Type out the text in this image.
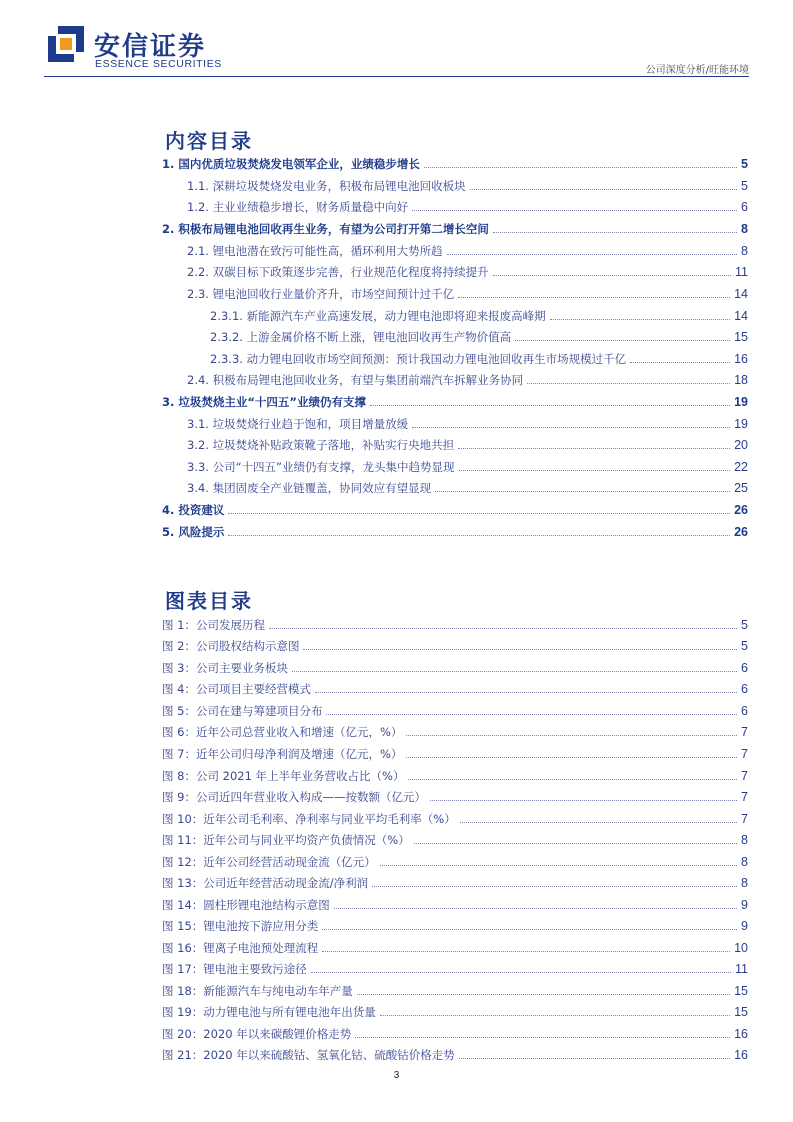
安信证券
ESSENCE SECURITIES
公司深度分析/旺能环境
内容目录
1. 国内优质垃圾焚烧发电领军企业，业绩稳步增长	5
1.1. 深耕垃圾焚烧发电业务，积极布局锂电池回收板块	5
1.2. 主业业绩稳步增长，财务质量稳中向好	6
2. 积极布局锂电池回收再生业务，有望为公司打开第二增长空间	8
2.1. 锂电池潜在致污可能性高，循环利用大势所趋	8
2.2. 双碳目标下政策逐步完善，行业规范化程度将持续提升	11
2.3. 锂电池回收行业量价齐升，市场空间预计过千亿	14
2.3.1. 新能源汽车产业高速发展，动力锂电池即将迎来报废高峰期	14
2.3.2. 上游金属价格不断上涨，锂电池回收再生产物价值高	15
2.3.3. 动力锂电回收市场空间预测：预计我国动力锂电池回收再生市场规模过千亿	16
2.4. 积极布局锂电池回收业务，有望与集团前端汽车拆解业务协同	18
3. 垃圾焚烧主业“十四五”业绩仍有支撑	19
3.1. 垃圾焚烧行业趋于饱和，项目增量放缓	19
3.2. 垃圾焚烧补贴政策靴子落地，补贴实行央地共担	20
3.3. 公司“十四五”业绩仍有支撑，龙头集中趋势显现	22
3.4. 集团固废全产业链覆盖，协同效应有望显现	25
4. 投资建议	26
5. 风险提示	26
图表目录
图 1：公司发展历程	5
图 2：公司股权结构示意图	5
图 3：公司主要业务板块	6
图 4：公司项目主要经营模式	6
图 5：公司在建与筹建项目分布	6
图 6：近年公司总营业收入和增速（亿元，%）	7
图 7：近年公司归母净利润及增速（亿元，%）	7
图 8：公司 2021 年上半年业务营收占比（%）	7
图 9：公司近四年营业收入构成——按数额（亿元）	7
图 10：近年公司毛利率、净利率与同业平均毛利率（%）	7
图 11：近年公司与同业平均资产负债情况（%）	8
图 12：近年公司经营活动现金流（亿元）	8
图 13：公司近年经营活动现金流/净利润	8
图 14：圆柱形锂电池结构示意图	9
图 15：锂电池按下游应用分类	9
图 16：锂离子电池预处理流程	10
图 17：锂电池主要致污途径	11
图 18：新能源汽车与纯电动车年产量	15
图 19：动力锂电池与所有锂电池年出货量	15
图 20：2020 年以来碳酸锂价格走势	16
图 21：2020 年以来硫酸钴、氢氧化钴、硫酸钴价格走势	16
3
